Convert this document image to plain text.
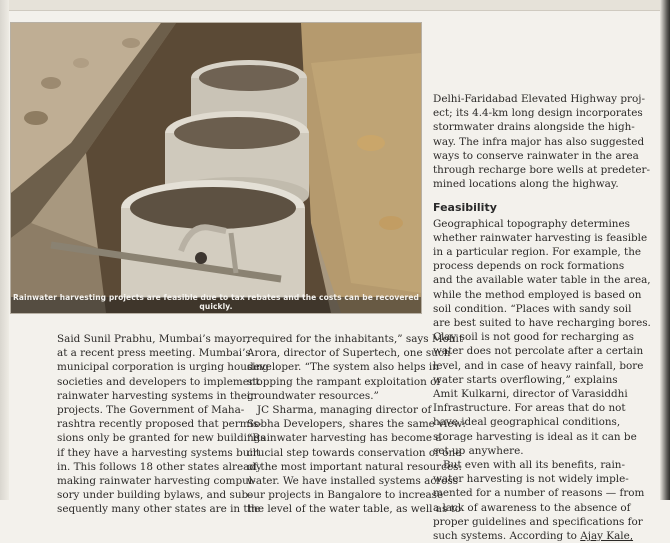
Rainwater harvesting projects are feasible due to tax rebates and the costs can be recovered quickly.
Delhi-Faridabad Elevated Highway proj-
ect; its 4.4-km long design incorporates
stormwater drains alongside the high-
way. The infra major has also suggested
ways to conserve rainwater in the area
through recharge bore wells at predeter-
mined locations along the highway.
Feasibility
Geographical topography determines
whether rainwater harvesting is feasible
in a particular region. For example, the
process depends on rock formations
and the available water table in the area,
while the method employed is based on
soil condition. “Places with sandy soil
are best suited to have recharging bores.
Clay soil is not good for recharging as
water does not percolate after a certain
level, and in case of heavy rainfall, bore
water starts overflowing,” explains
Amit Kulkarni, director of Varasiddhi
Infrastructure. For areas that do not
have ideal geographical conditions,
storage harvesting is ideal as it can be
set up anywhere.
But even with all its benefits, rain-
water harvesting is not widely imple-
mented for a number of reasons — from
a lack of awareness to the absence of
proper guidelines and specifications for
such systems. According to Ajay Kale,
Said Sunil Prabhu, Mumbai’s mayor,
at a recent press meeting. Mumbai’s
municipal corporation is urging housing
societies and developers to implement
rainwater harvesting systems in their
projects. The Government of Maha-
rashtra recently proposed that permis-
sions only be granted for new buildings
if they have a harvesting systems built
in. This follows 18 other states already
making rainwater harvesting compul-
sory under building bylaws, and sub-
sequently many other states are in the
required for the inhabitants,” says Mohit
Arora, director of Supertech, one such
developer. “The system also helps in
stopping the rampant exploitation of
groundwater resources.”
JC Sharma, managing director of
Sobha Developers, shares the same view:
“Rainwater harvesting has become a
crucial step towards conservation of one
of the most important natural resources:
water. We have installed systems across
our projects in Bangalore to increase
the level of the water table, as well as to
